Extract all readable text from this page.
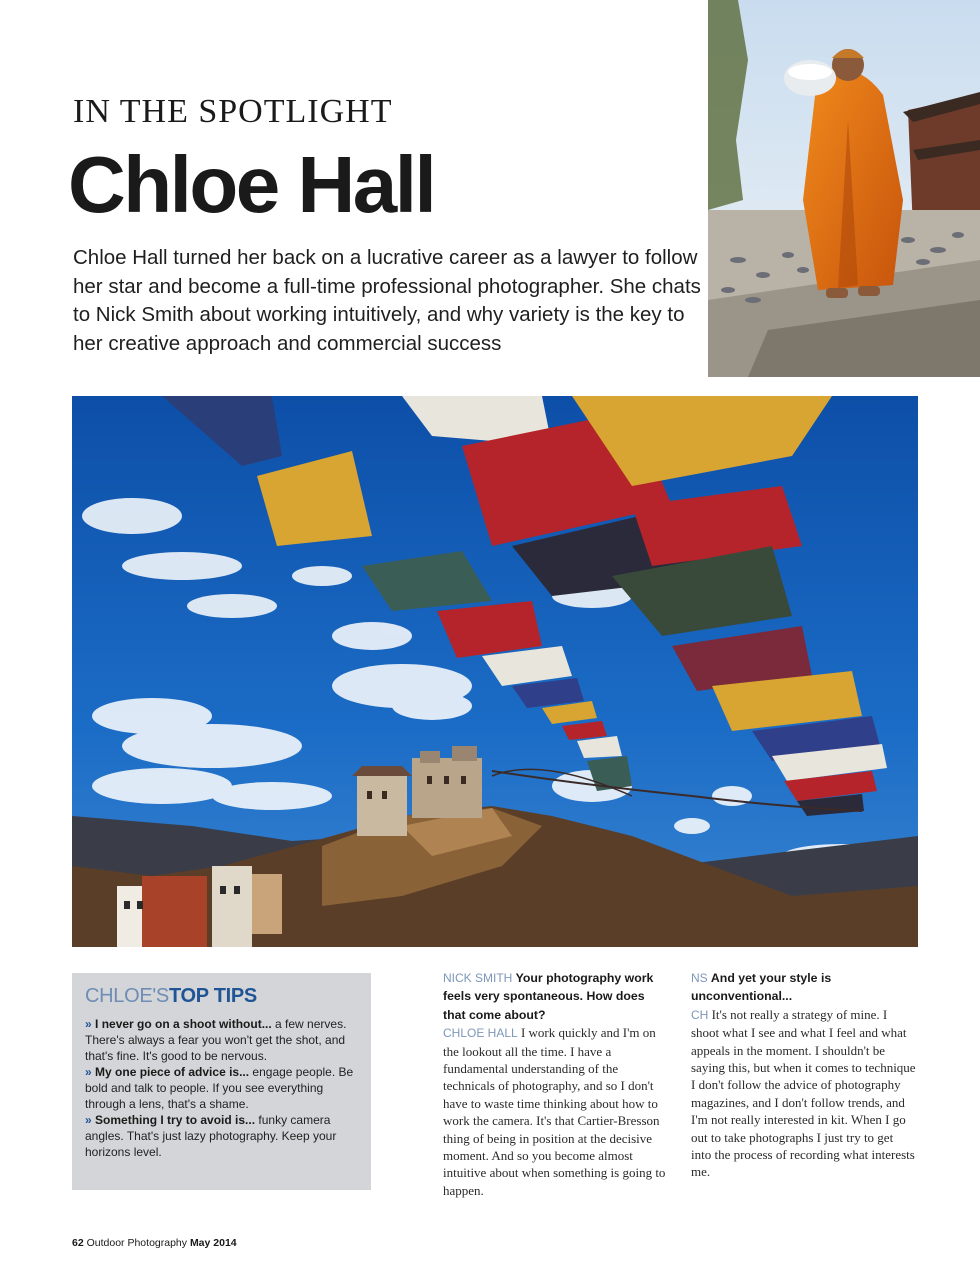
IN THE SPOTLIGHT
Chloe Hall
Chloe Hall turned her back on a lucrative career as a lawyer to follow her star and become a full-time professional photographer. She chats to Nick Smith about working intuitively, and why variety is the key to her creative approach and commercial success
CHLOE'STOP TIPS
» I never go on a shoot without... a few nerves. There's always a fear you won't get the shot, and that's fine. It's good to be nervous.
» My one piece of advice is... engage people. Be bold and talk to people. If you see everything through a lens, that's a shame.
» Something I try to avoid is... funky camera angles. That's just lazy photography. Keep your horizons level.
NICK SMITH Your photography work feels very spontaneous. How does that come about?
CHLOE HALL I work quickly and I'm on the lookout all the time. I have a fundamental understanding of the technicals of photography, and so I don't have to waste time thinking about how to work the camera. It's that Cartier-Bresson thing of being in position at the decisive moment. And so you become almost intuitive about when something is going to happen.
NS And yet your style is unconventional...
CH It's not really a strategy of mine. I shoot what I see and what I feel and what appeals in the moment. I shouldn't be saying this, but when it comes to technique I don't follow the advice of photography magazines, and I don't follow trends, and I'm not really interested in kit. When I go out to take photographs I just try to get into the process of recording what interests me.
62 Outdoor Photography May 2014
